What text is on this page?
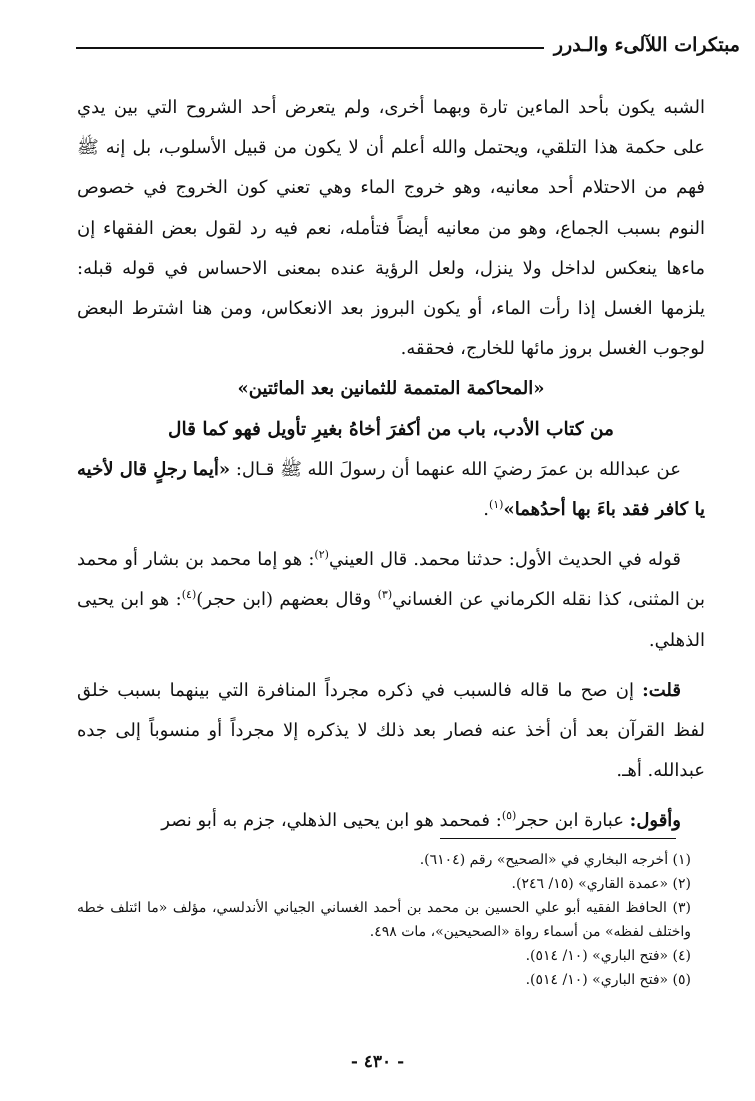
مبتكرات اللآلىء والـدرر

الشبه يكون بأحد الماءين تارة وبهما أخرى، ولم يتعرض أحد الشروح التي بين يدي على حكمة هذا التلقي، ويحتمل والله أعلم أن لا يكون من قبيل الأسلوب، بل إنه ﷺ فهم من الاحتلام أحد معانيه، وهو خروج الماء وهي تعني كون الخروج في خصوص النوم بسبب الجماع، وهو من معانيه أيضاً فتأمله، نعم فيه رد لقول بعض الفقهاء إن ماءها ينعكس لداخل ولا ينزل، ولعل الرؤية عنده بمعنى الاحساس في قوله قبله: يلزمها الغسل إذا رأت الماء، أو يكون البروز بعد الانعكاس، ومن هنا اشترط البعض لوجوب الغسل بروز مائها للخارج، فحققه.

«المحاكمة المتممة للثمانين بعد المائتين»

من كتاب الأدب، باب من أكفرَ أخاهُ بغيرِ تأويل فهو كما قال

عن عبدالله بن عمرَ رضيَ الله عنهما أن رسولَ الله ﷺ قـال: «أيما رجلٍ قال لأخيه يا كافر فقد باءَ بها أحدُهما»$^{(١)}$.

قوله في الحديث الأول: حدثنا محمد. قال العيني$^{(٢)}$: هو إما محمد بن بشار أو محمد بن المثنى، كذا نقله الكرماني عن الغساني$^{(٣)}$ وقال بعضهم (ابن حجر)$^{(٤)}$: هو ابن يحيى الذهلي.

قلت: إن صح ما قاله فالسبب في ذكره مجرداً المنافرة التي بينهما بسبب خلق لفظ القرآن بعد أن أخذ عنه فصار بعد ذلك لا يذكره إلا مجرداً أو منسوباً إلى جده عبدالله. أهـ.

وأقول: عبارة ابن حجر$^{(٥)}$: فمحمد هو ابن يحيى الذهلي، جزم به أبو نصر

(١) أخرجه البخاري في «الصحيح» رقم (٦١٠٤).

(٢) «عمدة القاري» (١٥/ ٢٤٦).

(٣) الحافظ الفقيه أبو علي الحسين بن محمد بن أحمد الغساني الجياني الأندلسي، مؤلف «ما ائتلف خطه واختلف لفظه» من أسماء رواة «الصحيحين»، مات ٤٩٨.

(٤) «فتح الباري» (١٠/ ٥١٤).

(٥) «فتح الباري» (١٠/ ٥١٤).

- ٤٣٠ -
